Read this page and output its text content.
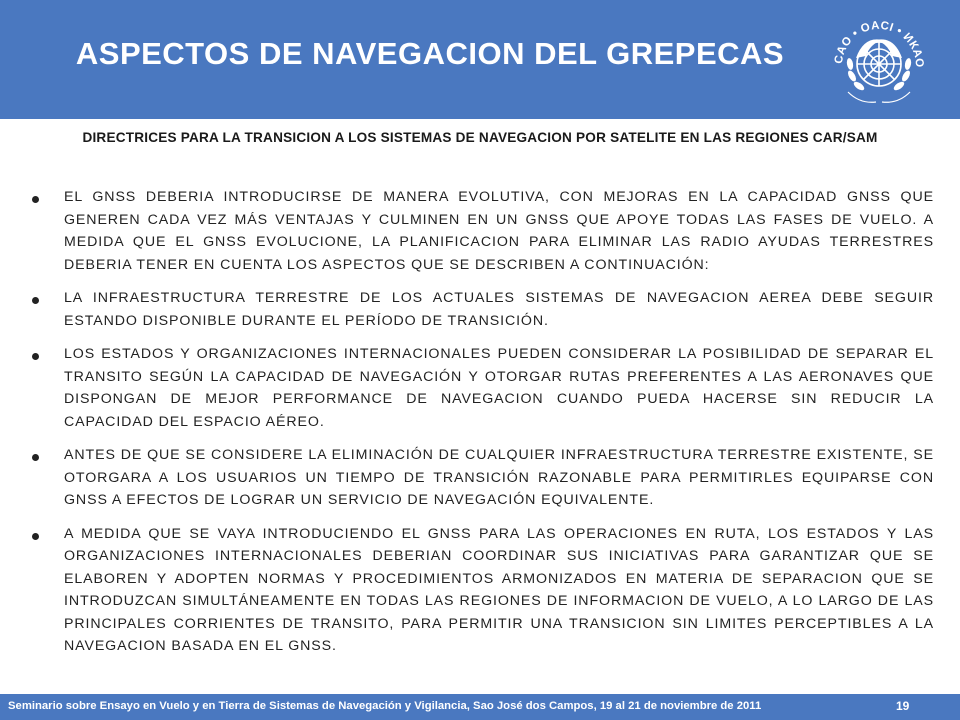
ASPECTOS DE NAVEGACION DEL GREPECAS	CAO • OACI • ИКАО
DIRECTRICES PARA LA TRANSICION A LOS SISTEMAS DE NAVEGACION POR SATELITE EN LAS REGIONES CAR/SAM
EL GNSS DEBERIA INTRODUCIRSE DE MANERA EVOLUTIVA, CON MEJORAS EN LA CAPACIDAD GNSS QUE GENEREN CADA VEZ MÁS VENTAJAS Y CULMINEN EN UN GNSS QUE APOYE TODAS LAS FASES DE VUELO. A MEDIDA QUE EL GNSS EVOLUCIONE, LA PLANIFICACION PARA ELIMINAR LAS RADIO AYUDAS TERRESTRES DEBERIA TENER EN CUENTA LOS ASPECTOS QUE SE DESCRIBEN A CONTINUACIÓN:
LA INFRAESTRUCTURA TERRESTRE DE LOS ACTUALES SISTEMAS DE NAVEGACION AEREA DEBE SEGUIR ESTANDO DISPONIBLE DURANTE EL PERÍODO DE TRANSICIÓN.
LOS ESTADOS Y ORGANIZACIONES INTERNACIONALES PUEDEN CONSIDERAR LA POSIBILIDAD DE SEPARAR EL TRANSITO SEGÚN LA CAPACIDAD DE NAVEGACIÓN Y OTORGAR RUTAS PREFERENTES A LAS AERONAVES QUE DISPONGAN DE MEJOR PERFORMANCE DE NAVEGACION CUANDO PUEDA HACERSE SIN REDUCIR LA CAPACIDAD DEL ESPACIO AÉREO.
ANTES DE QUE SE CONSIDERE LA ELIMINACIÓN DE CUALQUIER INFRAESTRUCTURA TERRESTRE EXISTENTE, SE OTORGARA A LOS USUARIOS UN TIEMPO DE TRANSICIÓN RAZONABLE PARA PERMITIRLES EQUIPARSE CON GNSS A EFECTOS DE LOGRAR UN SERVICIO DE NAVEGACIÓN EQUIVALENTE.
A MEDIDA QUE SE VAYA INTRODUCIENDO EL GNSS PARA LAS OPERACIONES EN RUTA, LOS ESTADOS Y LAS ORGANIZACIONES INTERNACIONALES DEBERIAN COORDINAR SUS INICIATIVAS PARA GARANTIZAR QUE SE ELABOREN Y ADOPTEN NORMAS Y PROCEDIMIENTOS ARMONIZADOS EN MATERIA DE SEPARACION QUE SE INTRODUZCAN SIMULTÁNEAMENTE EN TODAS LAS REGIONES DE INFORMACION DE VUELO, A LO LARGO DE LAS PRINCIPALES CORRIENTES DE TRANSITO, PARA PERMITIR UNA TRANSICION SIN LIMITES PERCEPTIBLES A LA NAVEGACION BASADA EN EL GNSS.
Seminario sobre Ensayo en Vuelo y en Tierra de Sistemas de Navegación y Vigilancia, Sao José dos Campos, 19 al 21 de noviembre de 2011	19
